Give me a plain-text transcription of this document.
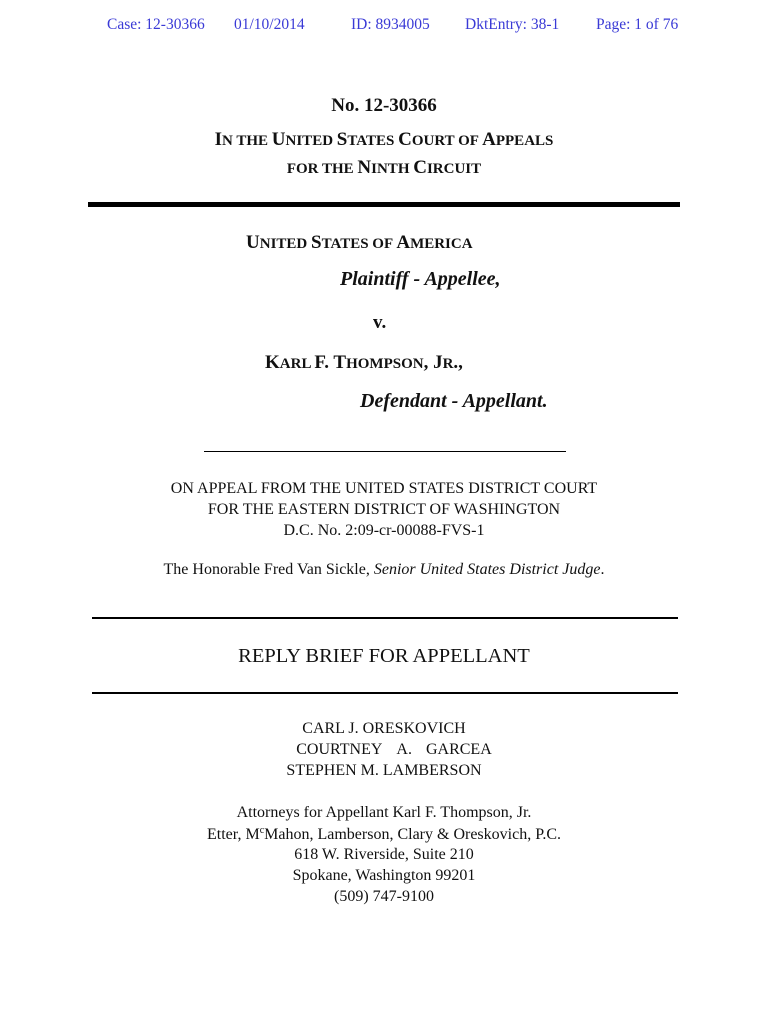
Case: 12-30366 01/10/2014	ID: 8934005 DktEntry: 38-1 Page: 1 of 76
No. 12-30366
IN THE UNITED STATES COURT OF APPEALS
FOR THE NINTH CIRCUIT
UNITED STATES OF AMERICA
Plaintiff - Appellee,
v.
KARL F. THOMPSON, JR.,
Defendant - Appellant.
ON APPEAL FROM THE UNITED STATES DISTRICT COURT
FOR THE EASTERN DISTRICT OF WASHINGTON
D.C. No. 2:09-cr-00088-FVS-1
The Honorable Fred Van Sickle, Senior United States District Judge.
REPLY BRIEF FOR APPELLANT
CARL J. ORESKOVICH
COURTNEY A. GARCEA
STEPHEN M. LAMBERSON
Attorneys for Appellant Karl F. Thompson, Jr.
Etter, $M^cMahon$, Lamberson, Clary & Oreskovich, P.C.
618 W. Riverside, Suite 210
Spokane, Washington 99201
(509) 747-9100
